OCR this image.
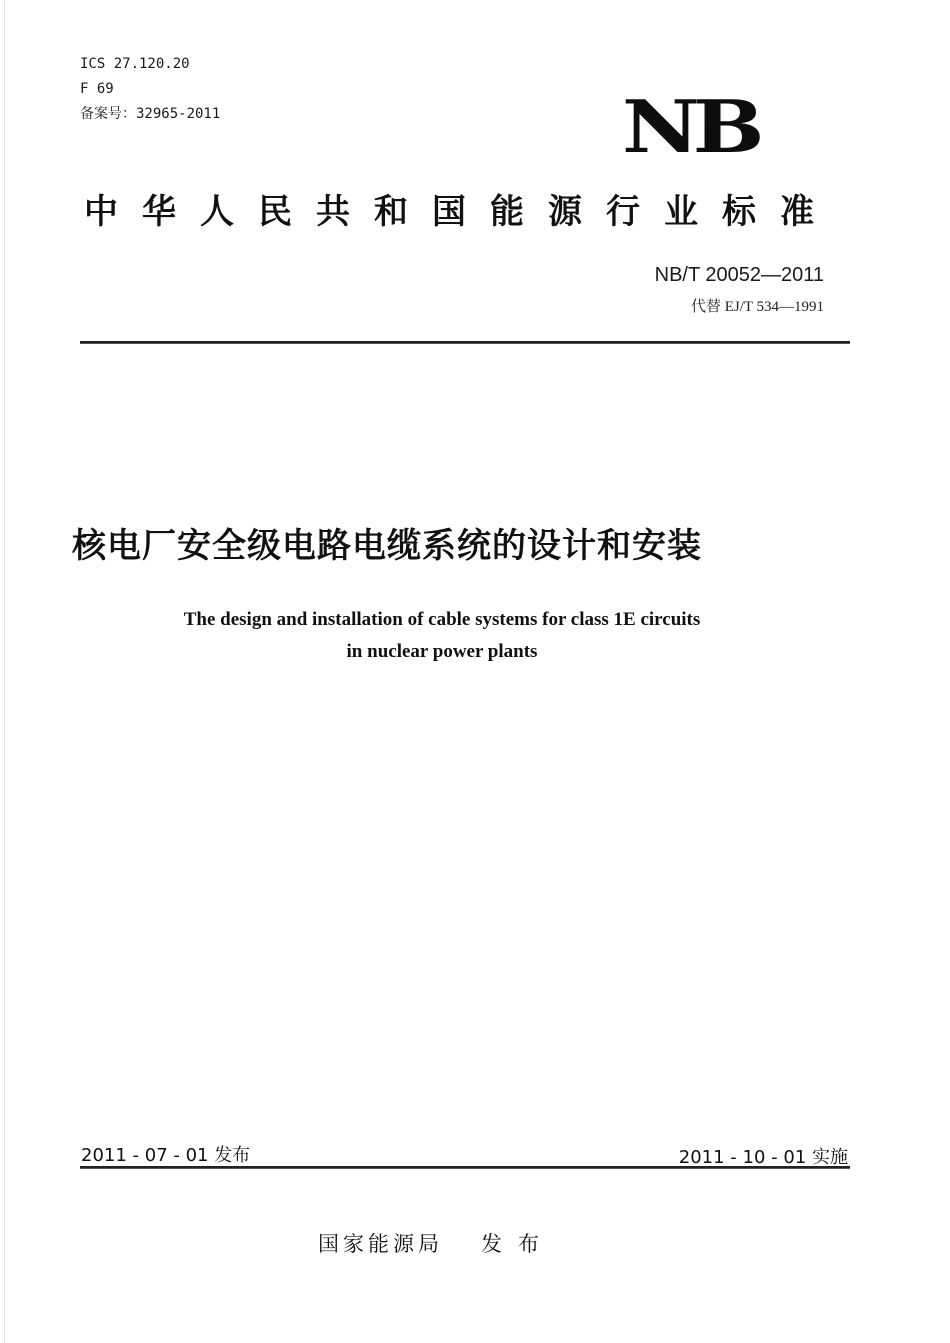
ICS 27.120.20
F 69
备案号：32965-2011	NB
中华人民共和国能源行业标准
NB/T 20052—2011
代替 EJ/T 534—1991
核电厂安全级电路电缆系统的设计和安装
The design and installation of cable systems for class 1E circuits
in nuclear power plants
2011 - 07 - 01 发布	2011 - 10 - 01 实施
国家能源局 发布
